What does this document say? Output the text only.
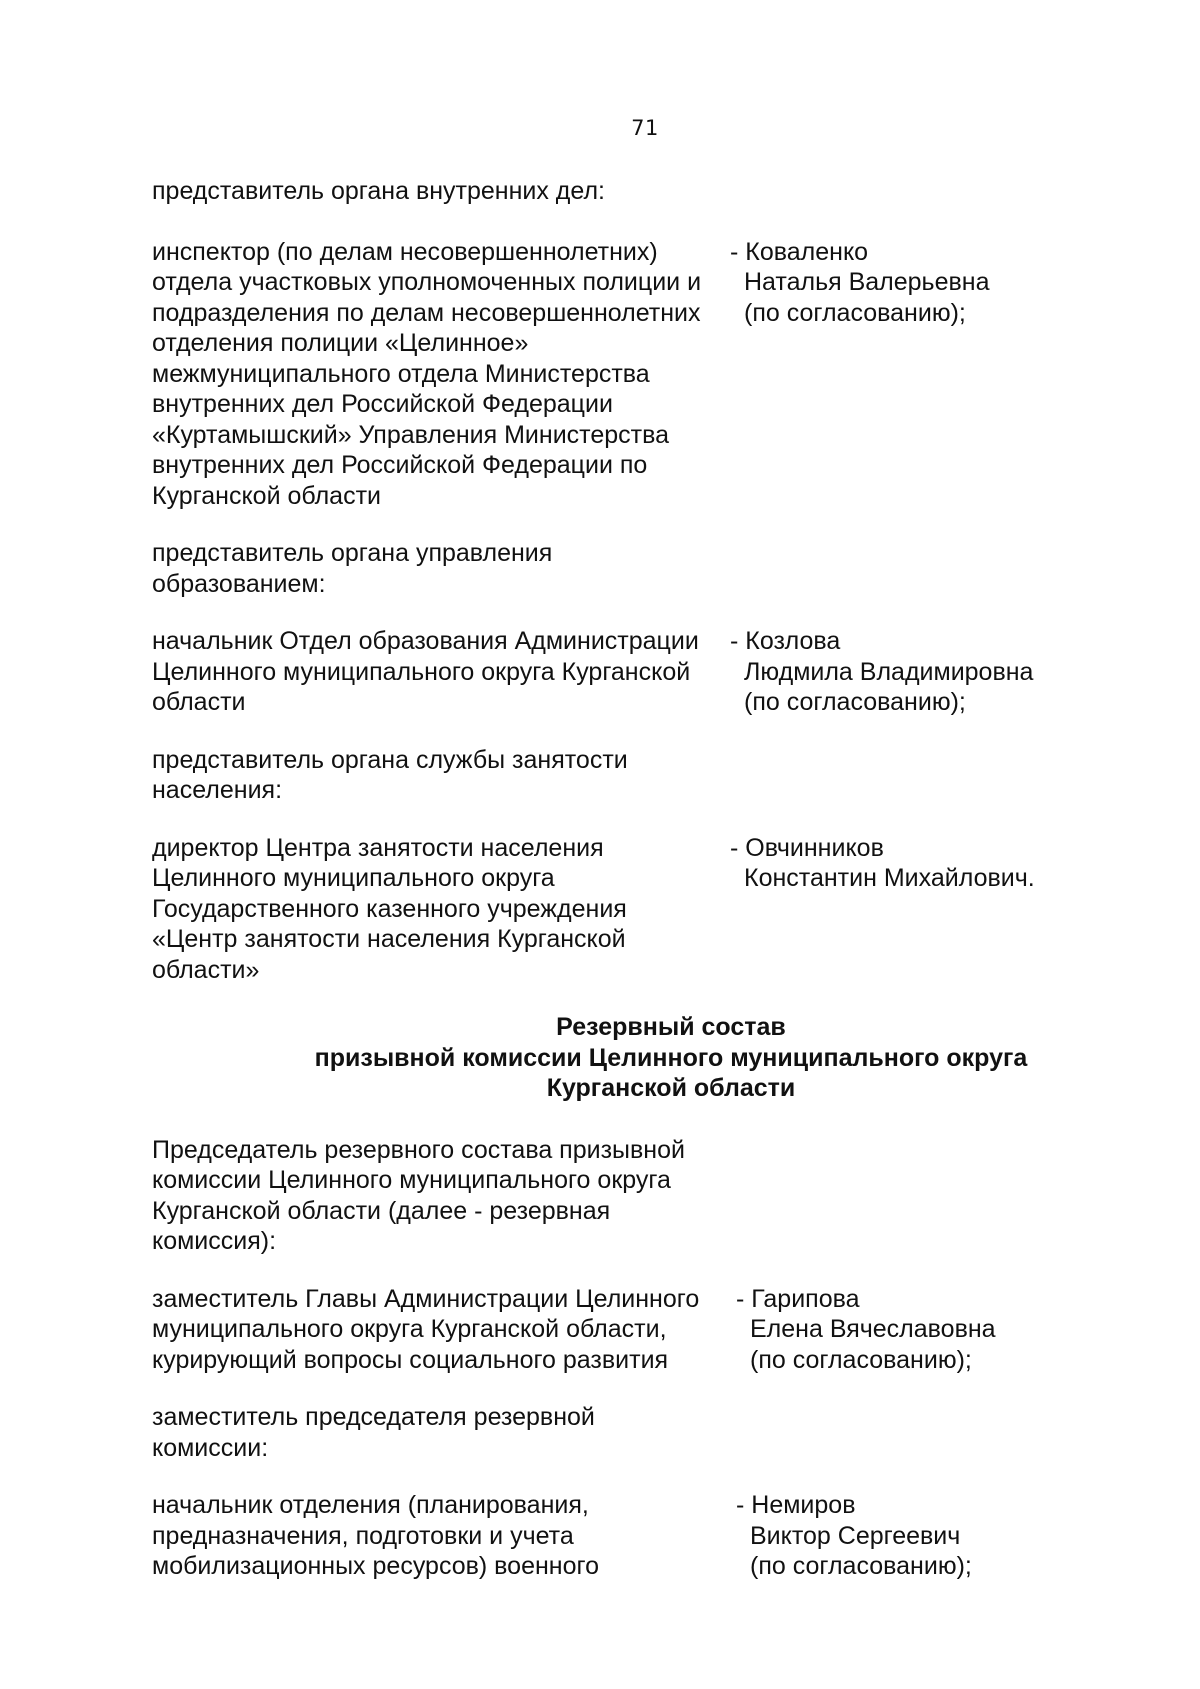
71
представитель органа внутренних дел:
инспектор (по делам несовершеннолетних)
отдела участковых уполномоченных полиции и
подразделения по делам несовершеннолетних
отделения полиции «Целинное»
межмуниципального отдела Министерства
внутренних дел Российской Федерации
«Куртамышский» Управления Министерства
внутренних дел Российской Федерации по
Курганской области
- Коваленко
Наталья Валерьевна
(по согласованию);
представитель органа управления
образованием:
начальник Отдел образования Администрации
Целинного муниципального округа Курганской
области
- Козлова
Людмила Владимировна
(по согласованию);
представитель органа службы занятости
населения:
директор Центра занятости населения
Целинного муниципального округа
Государственного казенного учреждения
«Центр занятости населения Курганской
области»
- Овчинников
Константин Михайлович.
Резервный состав
призывной комиссии Целинного муниципального округа
Курганской области
Председатель резервного состава призывной
комиссии Целинного муниципального округа
Курганской области (далее - резервная
комиссия):
заместитель Главы Администрации Целинного
муниципального округа Курганской области,
курирующий вопросы социального развития
- Гарипова
Елена Вячеславовна
(по согласованию);
заместитель председателя резервной
комиссии:
начальник отделения (планирования,
предназначения, подготовки и учета
мобилизационных ресурсов) военного
- Немиров
Виктор Сергеевич
(по согласованию);
